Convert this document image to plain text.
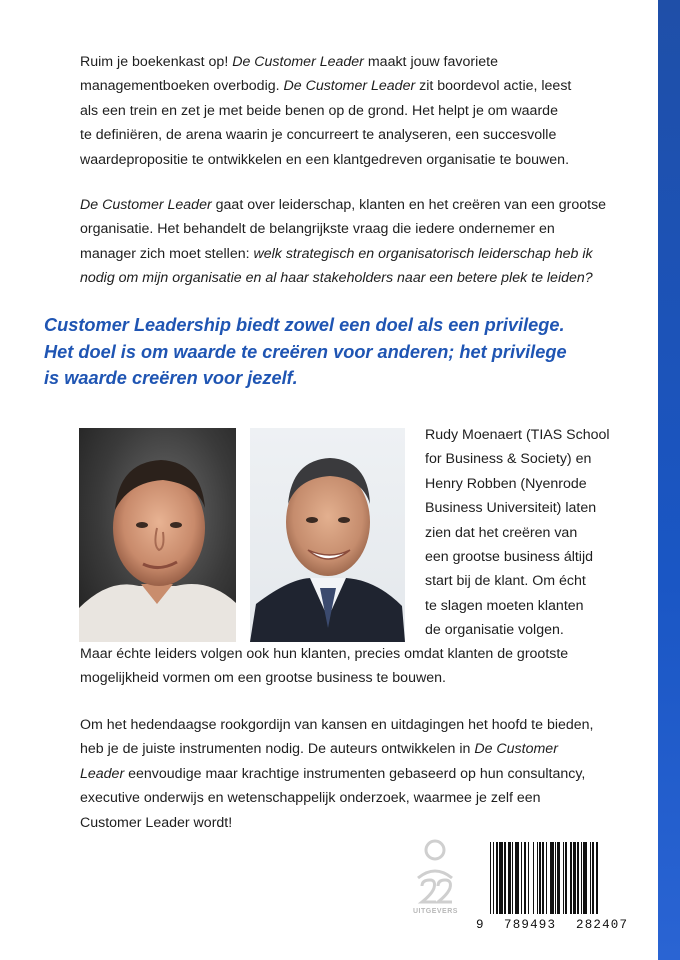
Ruim je boekenkast op! De Customer Leader maakt jouw favoriete
managementboeken overbodig. De Customer Leader zit boordevol actie, leest
als een trein en zet je met beide benen op de grond. Het helpt je om waarde
te definiëren, de arena waarin je concurreert te analyseren, een succesvolle
waardepropositie te ontwikkelen en een klantgedreven organisatie te bouwen.
De Customer Leader gaat over leiderschap, klanten en het creëren van een grootse
organisatie. Het behandelt de belangrijkste vraag die iedere ondernemer en
manager zich moet stellen: welk strategisch en organisatorisch leiderschap heb ik
nodig om mijn organisatie en al haar stakeholders naar een betere plek te leiden?
Customer Leadership biedt zowel een doel als een privilege.
Het doel is om waarde te creëren voor anderen; het privilege
is waarde creëren voor jezelf.
Rudy Moenaert (TIAS School
for Business & Society) en
Henry Robben (Nyenrode
Business Universiteit) laten
zien dat het creëren van
een grootse business áltijd
start bij de klant. Om écht
te slagen moeten klanten
de organisatie volgen.
Maar échte leiders volgen ook hun klanten, precies omdat klanten de grootste
mogelijkheid vormen om een grootse business te bouwen.
Om het hedendaagse rookgordijn van kansen en uitdagingen het hoofd te bieden,
heb je de juiste instrumenten nodig. De auteurs ontwikkelen in De Customer
Leader eenvoudige maar krachtige instrumenten gebaseerd op hun consultancy,
executive onderwijs en wetenschappelijk onderzoek, waarmee je zelf een
Customer Leader wordt!
UITGEVERS
9 789493 282407
